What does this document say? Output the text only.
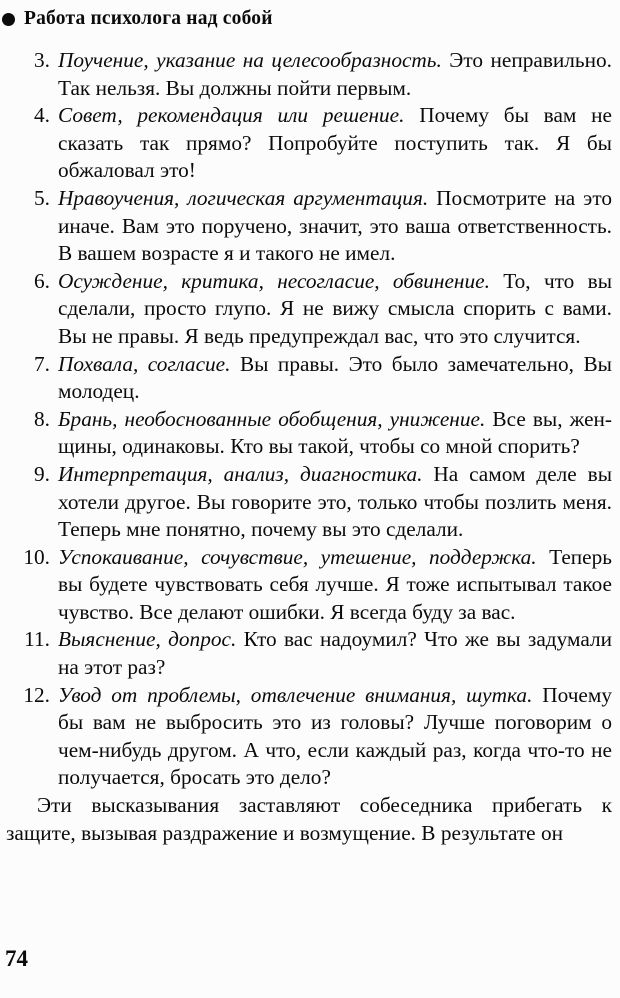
Работа психолога над собой
3. Поучение, указание на целесообразность. Это неправильно. Так нельзя. Вы должны пойти первым.
4. Совет, рекомендация или решение. Почему бы вам не сказать так прямо? Попробуйте поступить так. Я бы обжаловал это!
5. Нравоучения, логическая аргументация. Посмотрите на это иначе. Вам это поручено, значит, это ваша ответственность. В вашем возрасте я и такого не имел.
6. Осуждение, критика, несогласие, обвинение. То, что вы сделали, просто глупо. Я не вижу смысла спорить с вами. Вы не правы. Я ведь предупреждал вас, что это случится.
7. Похвала, согласие. Вы правы. Это было замечательно, Вы молодец.
8. Брань, необоснованные обобщения, унижение. Все вы, женщины, одинаковы. Кто вы такой, чтобы со мной спорить?
9. Интерпретация, анализ, диагностика. На самом деле вы хотели другое. Вы говорите это, только чтобы позлить меня. Теперь мне понятно, почему вы это сделали.
10. Успокаивание, сочувствие, утешение, поддержка. Теперь вы будете чувствовать себя лучше. Я тоже испытывал такое чувство. Все делают ошибки. Я всегда буду за вас.
11. Выяснение, допрос. Кто вас надоумил? Что же вы задумали на этот раз?
12. Увод от проблемы, отвлечение внимания, шутка. Почему бы вам не выбросить это из головы? Лучше поговорим о чем-нибудь другом. А что, если каждый раз, когда что-то не получается, бросать это дело?

Эти высказывания заставляют собеседника прибегать к защите, вызывая раздражение и возмущение. В результате он

74
